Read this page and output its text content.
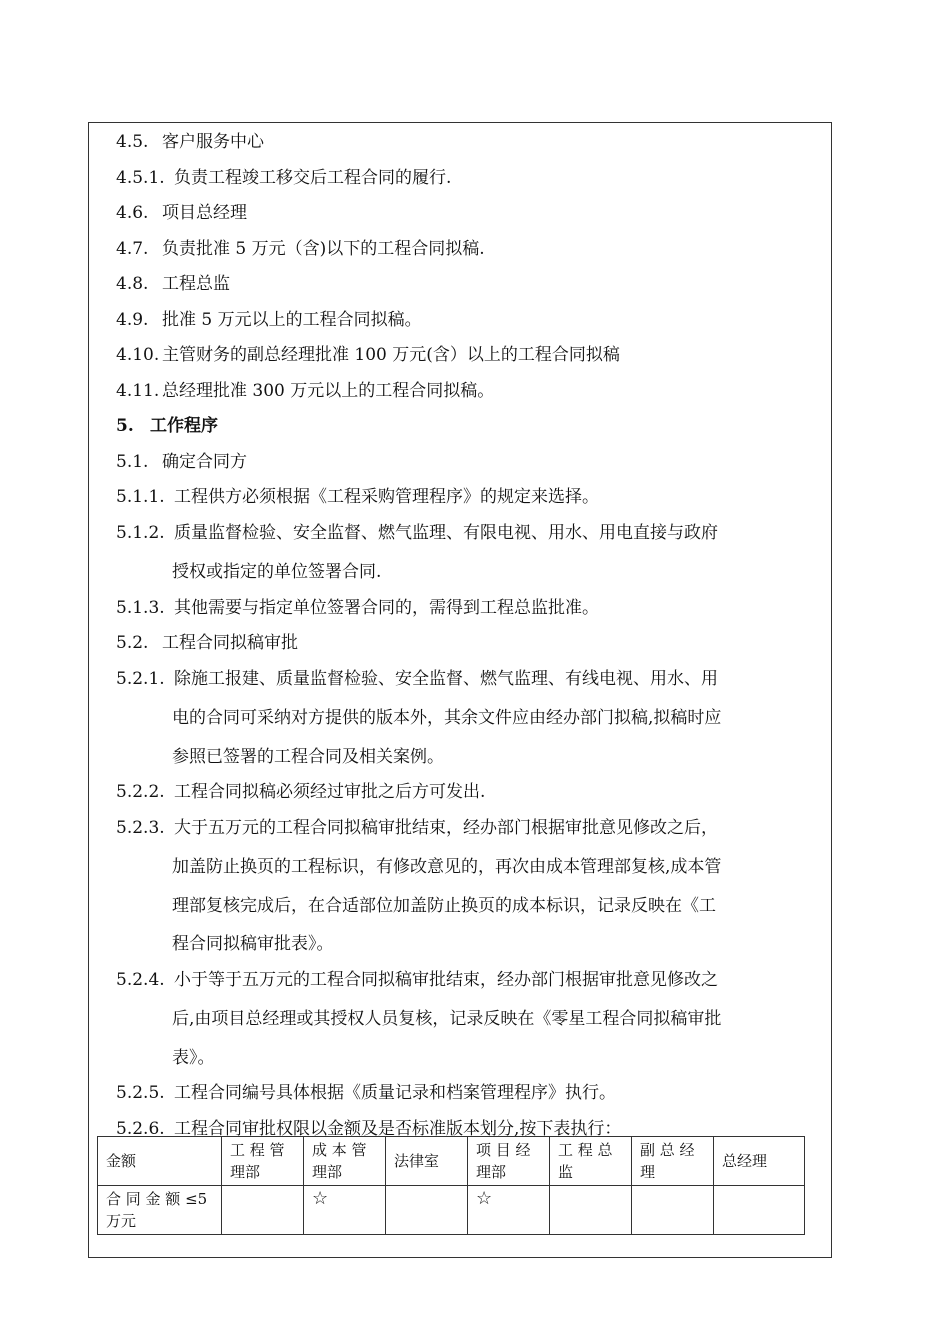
4.5. 客户服务中心
4.5.1. 负责工程竣工移交后工程合同的履行.
4.6. 项目总经理
4.7. 负责批准 5 万元（含)以下的工程合同拟稿.
4.8. 工程总监
4.9. 批准 5 万元以上的工程合同拟稿。
4.10. 主管财务的副总经理批准 100 万元(含）以上的工程合同拟稿
4.11. 总经理批准 300 万元以上的工程合同拟稿。
5. 工作程序
5.1. 确定合同方
5.1.1. 工程供方必须根据《工程采购管理程序》的规定来选择。
5.1.2. 质量监督检验、安全监督、燃气监理、有限电视、用水、用电直接与政府
授权或指定的单位签署合同.
5.1.3. 其他需要与指定单位签署合同的，需得到工程总监批准。
5.2. 工程合同拟稿审批
5.2.1. 除施工报建、质量监督检验、安全监督、燃气监理、有线电视、用水、用
电的合同可采纳对方提供的版本外，其余文件应由经办部门拟稿,拟稿时应
参照已签署的工程合同及相关案例。
5.2.2. 工程合同拟稿必须经过审批之后方可发出.
5.2.3. 大于五万元的工程合同拟稿审批结束，经办部门根据审批意见修改之后，
加盖防止换页的工程标识，有修改意见的，再次由成本管理部复核,成本管
理部复核完成后，在合适部位加盖防止换页的成本标识，记录反映在《工
程合同拟稿审批表》。
5.2.4. 小于等于五万元的工程合同拟稿审批结束，经办部门根据审批意见修改之
后,由项目总经理或其授权人员复核，记录反映在《零星工程合同拟稿审批
表》。
5.2.5. 工程合同编号具体根据《质量记录和档案管理程序》执行。
5.2.6. 工程合同审批权限以金额及是否标准版本划分,按下表执行：
金额	工 程 管 理部	成 本 管 理部	法律室	项 目 经 理部	工 程 总 监	副 总 经 理	总经理
合 同 金 额 ≤5 万元		☆		☆			
